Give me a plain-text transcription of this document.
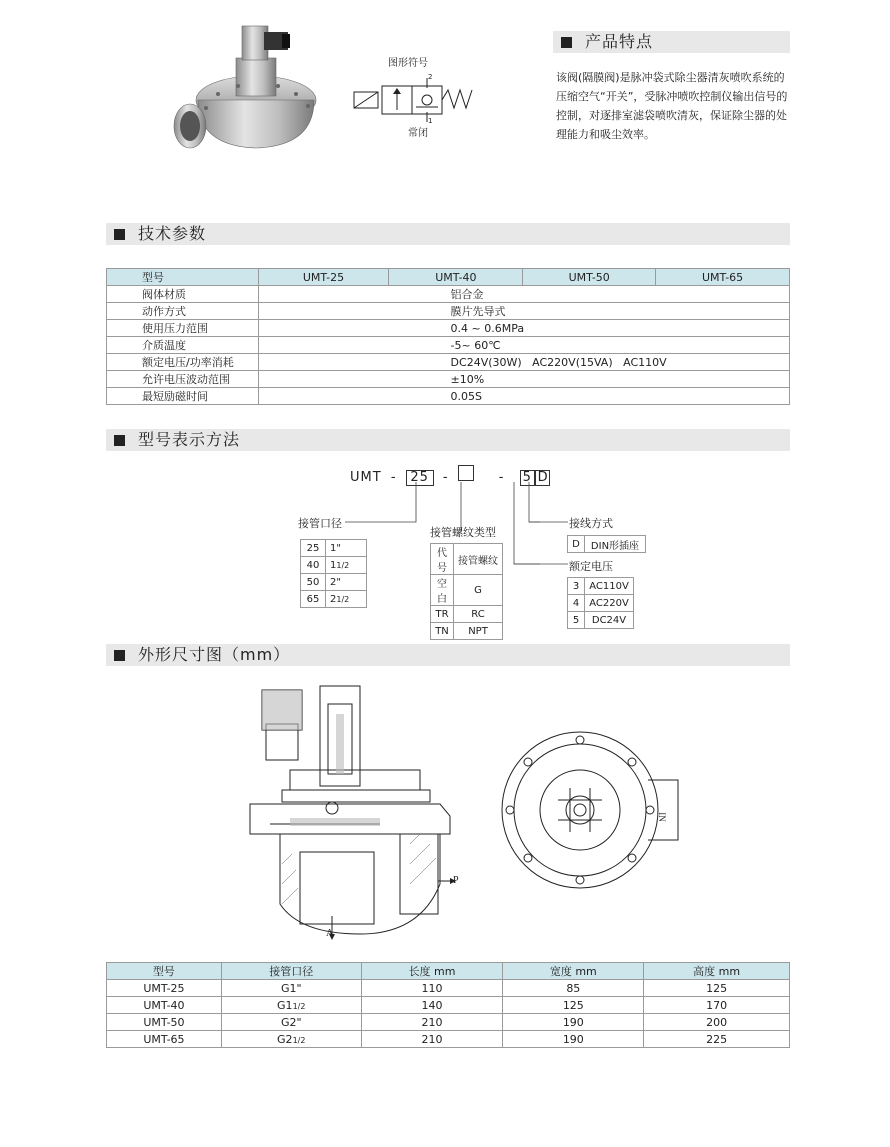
图形符号
2
1
常闭
产品特点
该阀(隔膜阀)是脉冲袋式除尘器清灰喷吹系统的压缩空气“开关”，受脉冲喷吹控制仪输出信号的控制，对逐排室滤袋喷吹清灰，保证除尘器的处理能力和吸尘效率。
技术参数
型号	UMT-25	UMT-40	UMT-50	UMT-65
阀体材质	铝合金			
动作方式	膜片先导式			
使用压力范围	0.4 ~ 0.6MPa			
介质温度	-5~ 60℃			
额定电压/功率消耗	DC24V(30W)   AC220V(15VA)   AC110V			
允许电压波动范围	±10%			
最短励磁时间	0.05S			
型号表示方法
UMT - 25 -	- 5 D
接管口径
25	1"
40	11/2
50	2"
65	21/2
接管螺纹类型
代号	接管螺纹
空白	G
TR	RC
TN	NPT
接线方式
D	DIN形插座
额定电压
3	AC110V
4	AC220V
5	DC24V
外形尺寸图（mm）
P
A
IN
型号	接管口径	长度 mm	宽度 mm	高度 mm
UMT-25	G1"	110	85	125
UMT-40	G11/2	140	125	170
UMT-50	G2"	210	190	200
UMT-65	G21/2	210	190	225
